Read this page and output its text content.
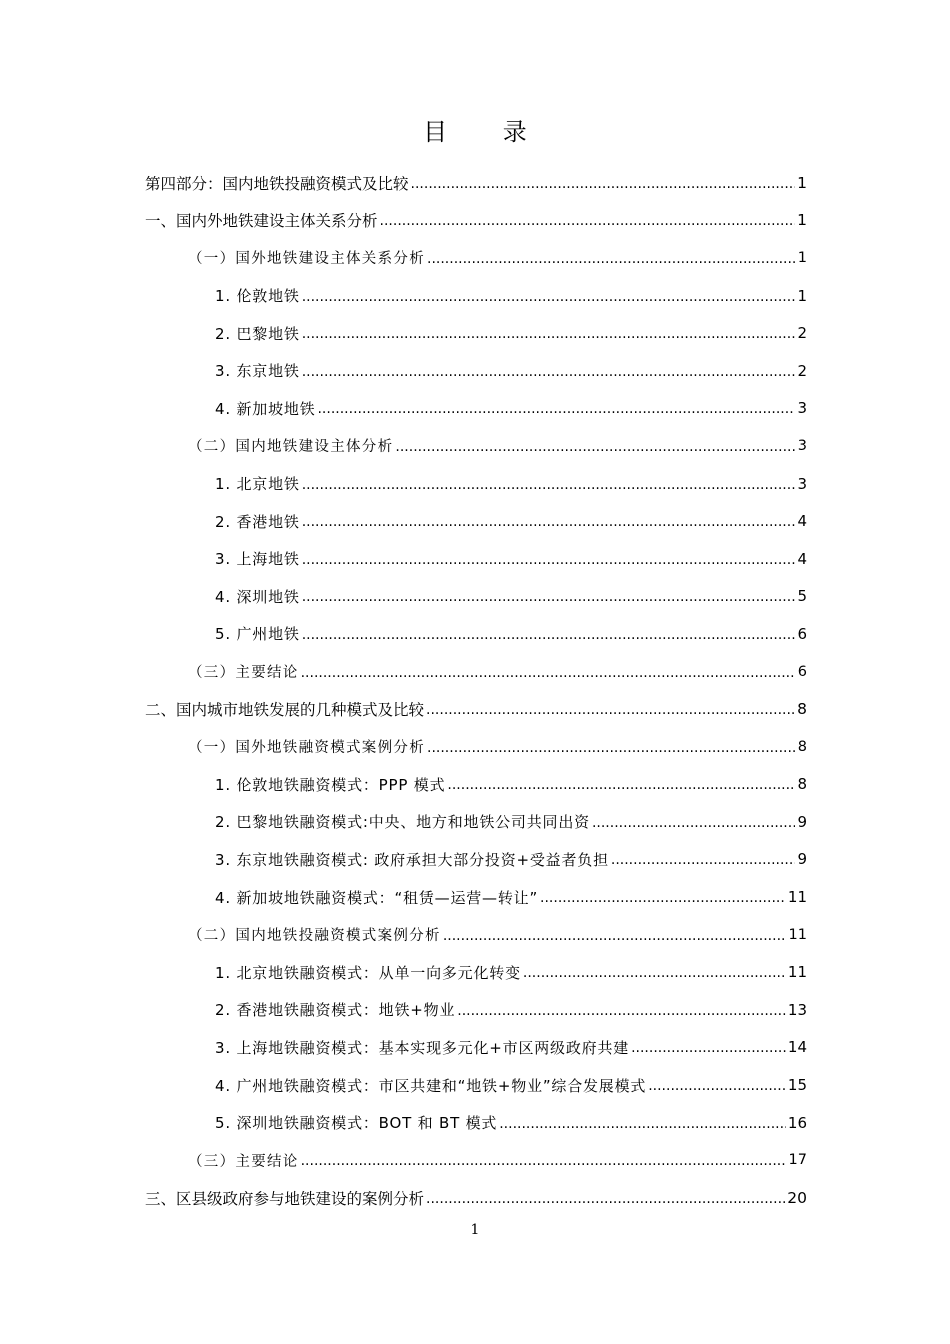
目 录
第四部分：国内地铁投融资模式及比较 .....	1
一、国内外地铁建设主体关系分析 .....	1
（一）国外地铁建设主体关系分析 .....	1
1. 伦敦地铁 .....	1
2. 巴黎地铁 .....	2
3. 东京地铁 .....	2
4. 新加坡地铁 .....	3
（二）国内地铁建设主体分析 .....	3
1. 北京地铁 .....	3
2. 香港地铁 .....	4
3. 上海地铁 .....	4
4. 深圳地铁 .....	5
5. 广州地铁 .....	6
（三）主要结论 .....	6
二、国内城市地铁发展的几种模式及比较 .....	8
（一）国外地铁融资模式案例分析 .....	8
1. 伦敦地铁融资模式：PPP 模式 .....	8
2. 巴黎地铁融资模式:中央、地方和地铁公司共同出资 .....	9
3. 东京地铁融资模式: 政府承担大部分投资+受益者负担 .....	9
4. 新加坡地铁融资模式：“租赁—运营—转让” .....	11
（二）国内地铁投融资模式案例分析 .....	11
1. 北京地铁融资模式：从单一向多元化转变 .....	11
2. 香港地铁融资模式：地铁+物业 .....	13
3. 上海地铁融资模式：基本实现多元化+市区两级政府共建 .....	14
4. 广州地铁融资模式：市区共建和“地铁+物业”综合发展模式 .....	15
5. 深圳地铁融资模式：BOT 和 BT 模式 .....	16
（三）主要结论 .....	17
三、区县级政府参与地铁建设的案例分析 .....	20
1
